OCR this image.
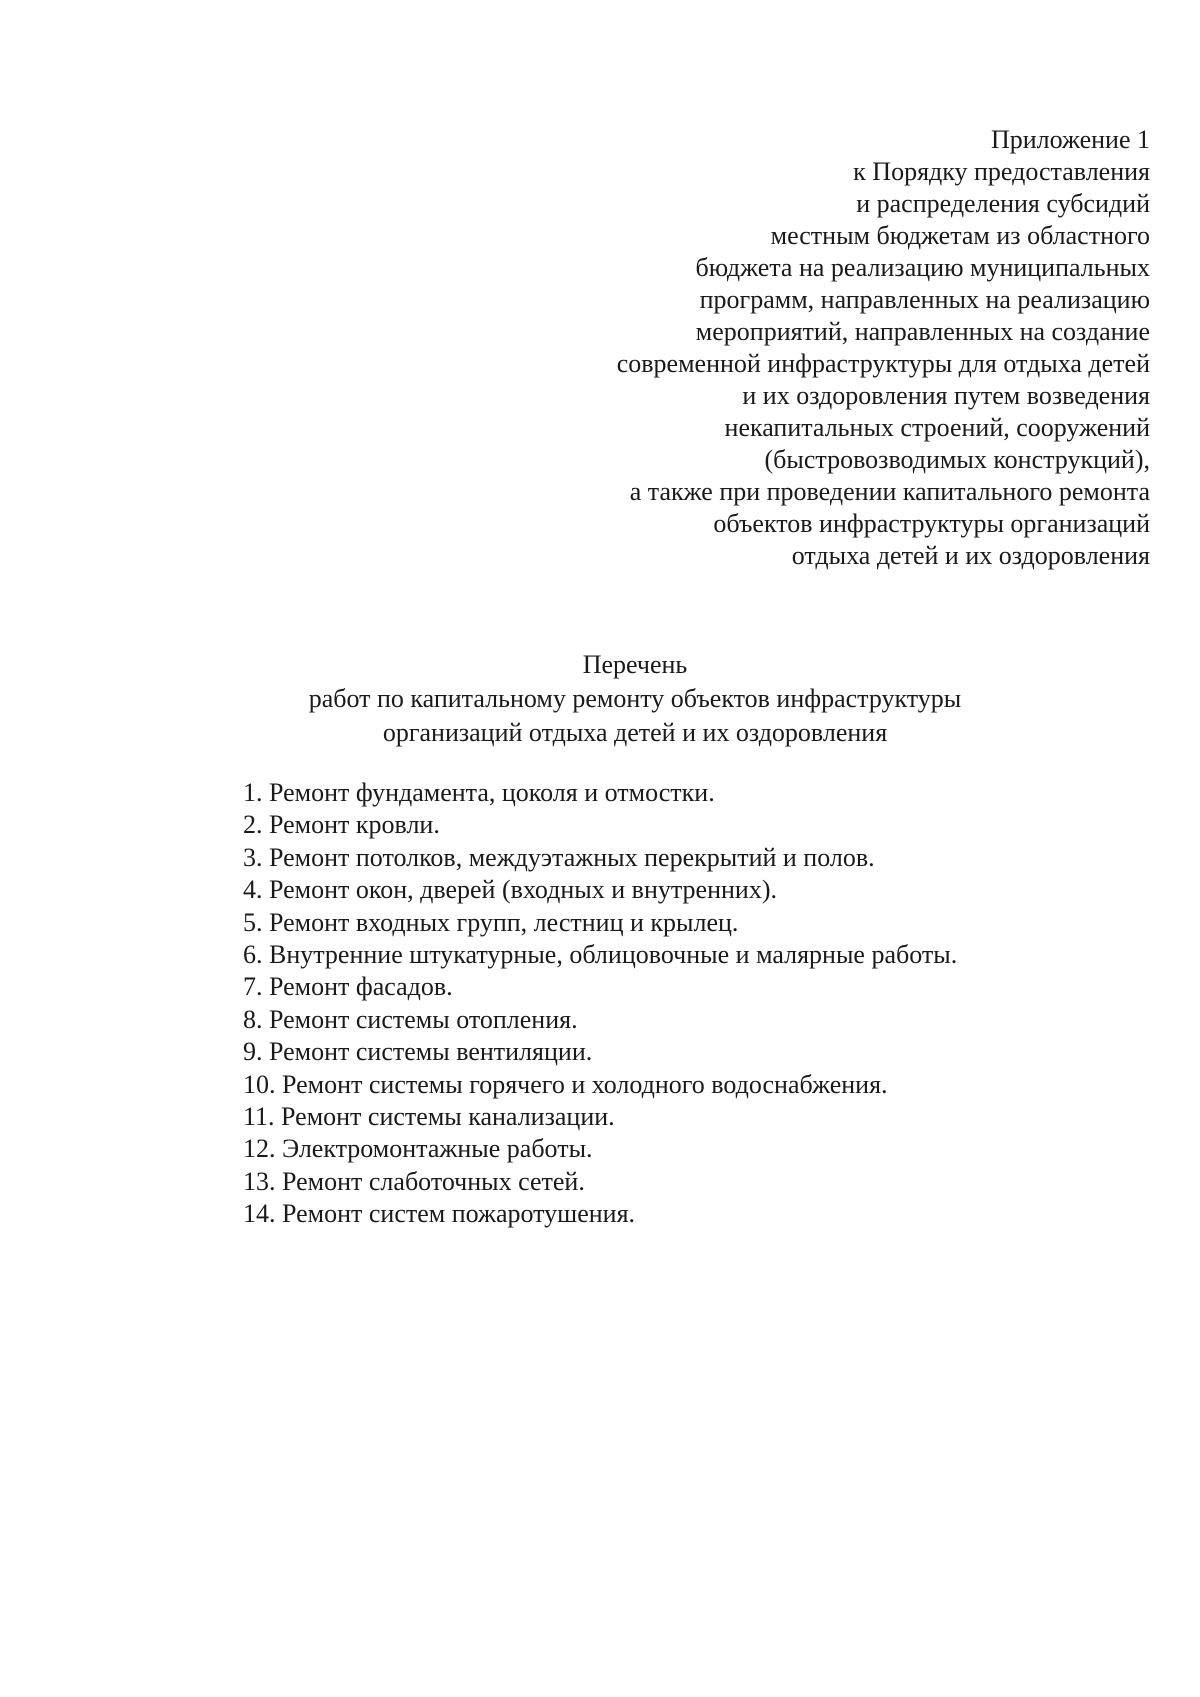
Приложение 1
к Порядку предоставления
и распределения субсидий
местным бюджетам из областного
бюджета на реализацию муниципальных
программ, направленных на реализацию
мероприятий, направленных на создание
современной инфраструктуры для отдыха детей
и их оздоровления путем возведения
некапитальных строений, сооружений
(быстровозводимых конструкций),
а также при проведении капитального ремонта
объектов инфраструктуры организаций
отдыха детей и их оздоровления
Перечень
работ по капитальному ремонту объектов инфраструктуры
организаций отдыха детей и их оздоровления
1. Ремонт фундамента, цоколя и отмостки.
2. Ремонт кровли.
3. Ремонт потолков, междуэтажных перекрытий и полов.
4. Ремонт окон, дверей (входных и внутренних).
5. Ремонт входных групп, лестниц и крылец.
6. Внутренние штукатурные, облицовочные и малярные работы.
7. Ремонт фасадов.
8. Ремонт системы отопления.
9. Ремонт системы вентиляции.
10. Ремонт системы горячего и холодного водоснабжения.
11. Ремонт системы канализации.
12. Электромонтажные работы.
13. Ремонт слаботочных сетей.
14. Ремонт систем пожаротушения.
